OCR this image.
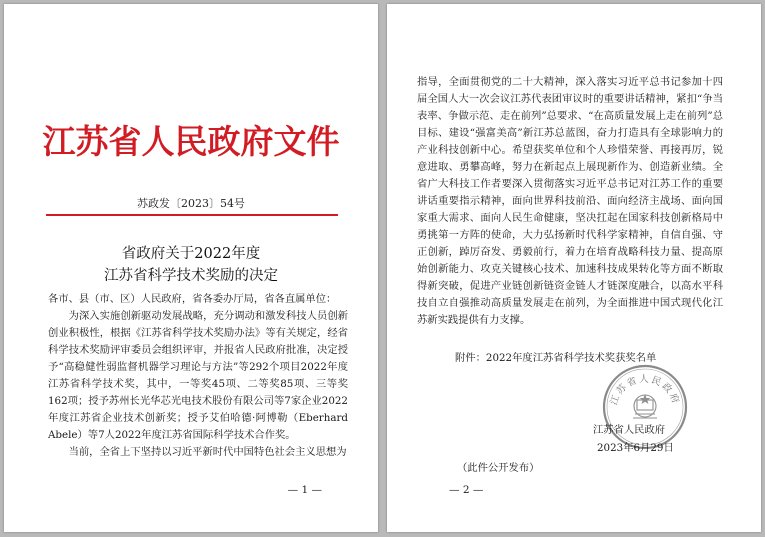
江苏省人民政府文件
苏政发〔2023〕54号
省政府关于2022年度
江苏省科学技术奖励的决定

各市、县（市、区）人民政府，省各委办厅局，省各直属单位：

为深入实施创新驱动发展战略，充分调动和激发科技人员创新创业积极性，根据《江苏省科学技术奖励办法》等有关规定，经省科学技术奖励评审委员会组织评审，并报省人民政府批准，决定授予“高稳健性弱监督机器学习理论与方法”等292个项目2022年度江苏省科学技术奖，其中，一等奖45项、二等奖85项、三等奖162项；授予苏州长光华芯光电技术股份有限公司等7家企业2022年度江苏省企业技术创新奖；授予艾伯哈德·阿博勒（Eberhard Abele）等7人2022年度江苏省国际科学技术合作奖。

当前，全省上下坚持以习近平新时代中国特色社会主义思想为

— 1 —

指导，全面贯彻党的二十大精神，深入落实习近平总书记参加十四届全国人大一次会议江苏代表团审议时的重要讲话精神，紧扣“争当表率、争做示范、走在前列”总要求、“在高质量发展上走在前列”总目标、建设“强富美高”新江苏总蓝图，奋力打造具有全球影响力的产业科技创新中心。希望获奖单位和个人珍惜荣誉、再接再厉，锐意进取、勇攀高峰，努力在新起点上展现新作为、创造新业绩。全省广大科技工作者要深入贯彻落实习近平总书记对江苏工作的重要讲话重要指示精神，面向世界科技前沿、面向经济主战场、面向国家重大需求、面向人民生命健康，坚决扛起在国家科技创新格局中勇挑第一方阵的使命，大力弘扬新时代科学家精神，自信自强、守正创新，踔厉奋发、勇毅前行，着力在培育战略科技力量、提高原始创新能力、攻克关键核心技术、加速科技成果转化等方面不断取得新突破，促进产业链创新链资金链人才链深度融合，以高水平科技自立自强推动高质量发展走在前列，为全面推进中国式现代化江苏新实践提供有力支撑。

附件：2022年度江苏省科学技术奖获奖名单
江苏省人民政府
江苏省人民政府
2023年6月29日
（此件公开发布）
— 2 —
